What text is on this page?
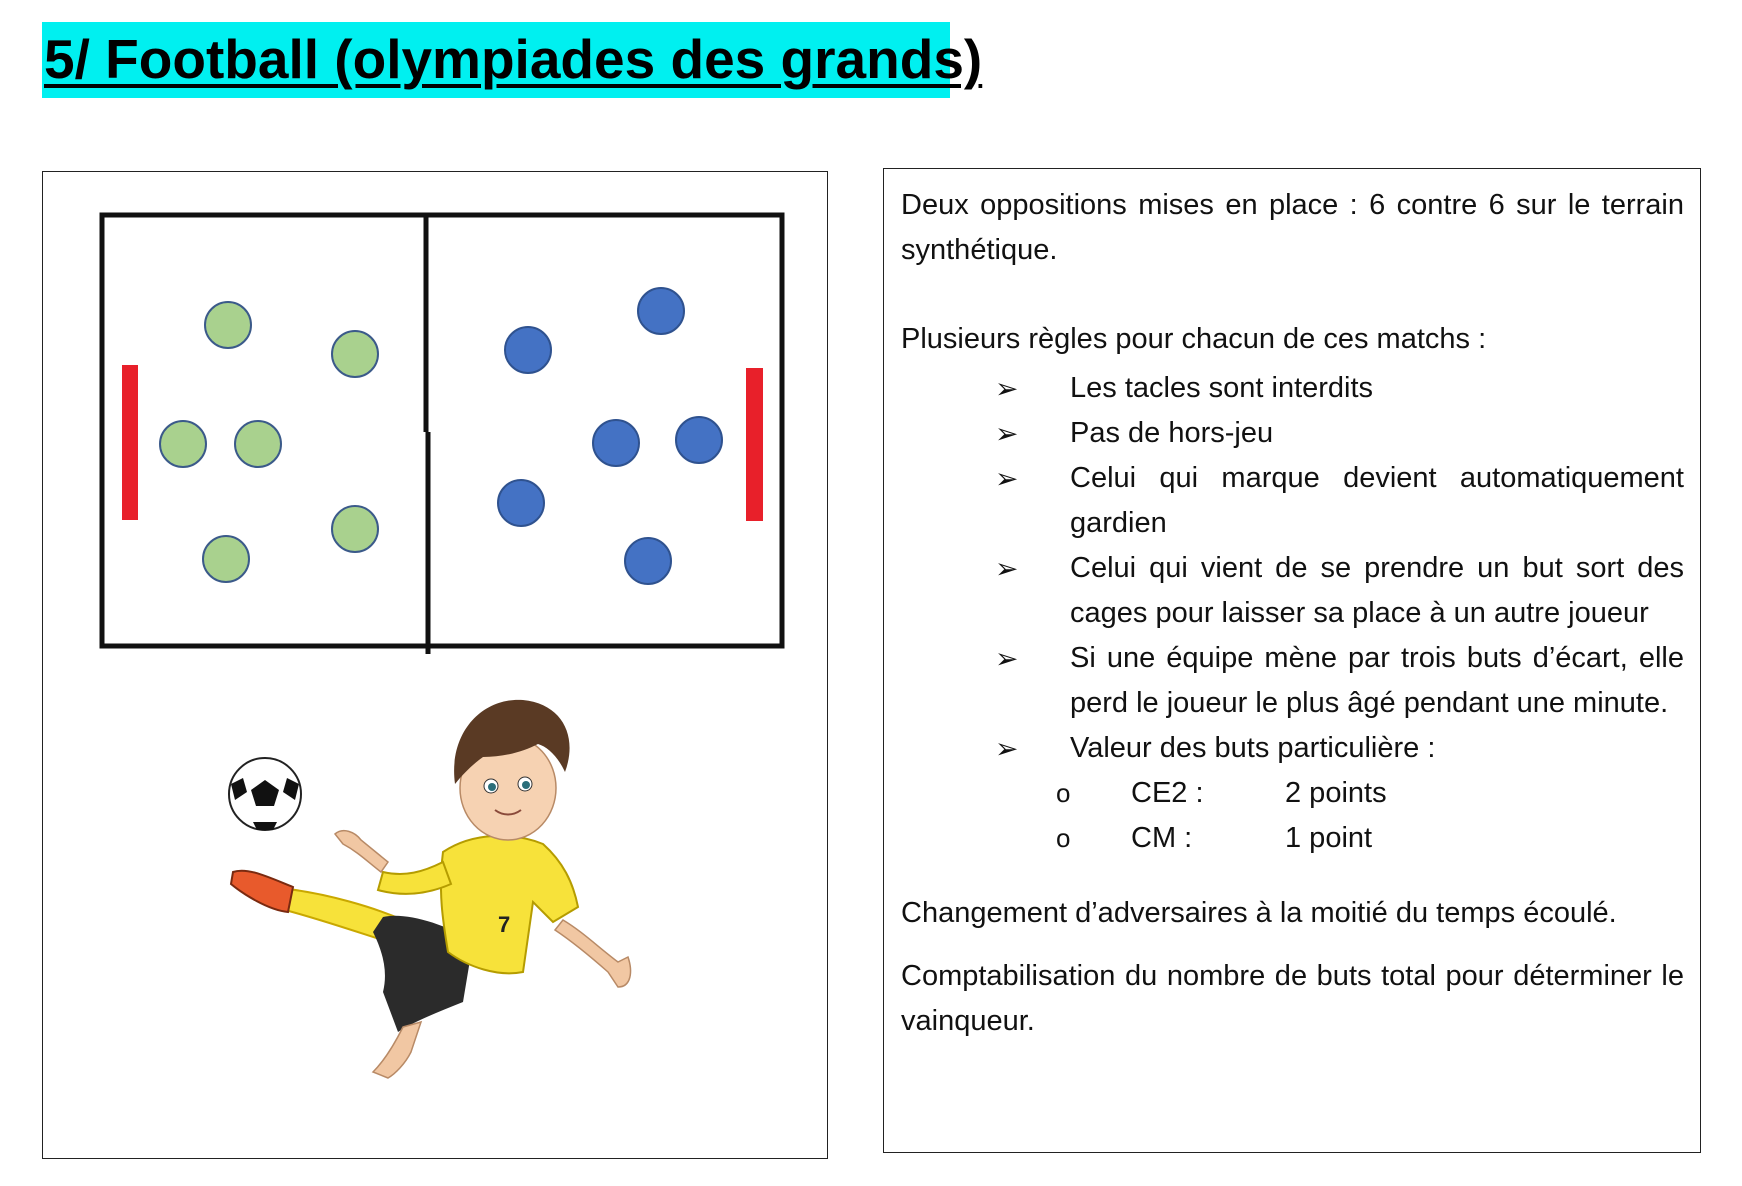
5/ Football (olympiades des grands)
7

Deux oppositions mises en place : 6 contre 6 sur le terrain synthétique.

Plusieurs règles pour chacun de ces matchs :

➢ Les tacles sont interdits
➢ Pas de hors-jeu
➢ Celui qui marque devient automatiquement gardien
➢ Celui qui vient de se prendre un but sort des cages pour laisser sa place à un autre joueur
➢ Si une équipe mène par trois buts d’écart, elle perd le joueur le plus âgé pendant une minute.
➢ Valeur des buts particulière :
o CE2 :	2 points
o CM :	1 point

Changement d’adversaires à la moitié du temps écoulé.

Comptabilisation du nombre de buts total pour déterminer le vainqueur.
